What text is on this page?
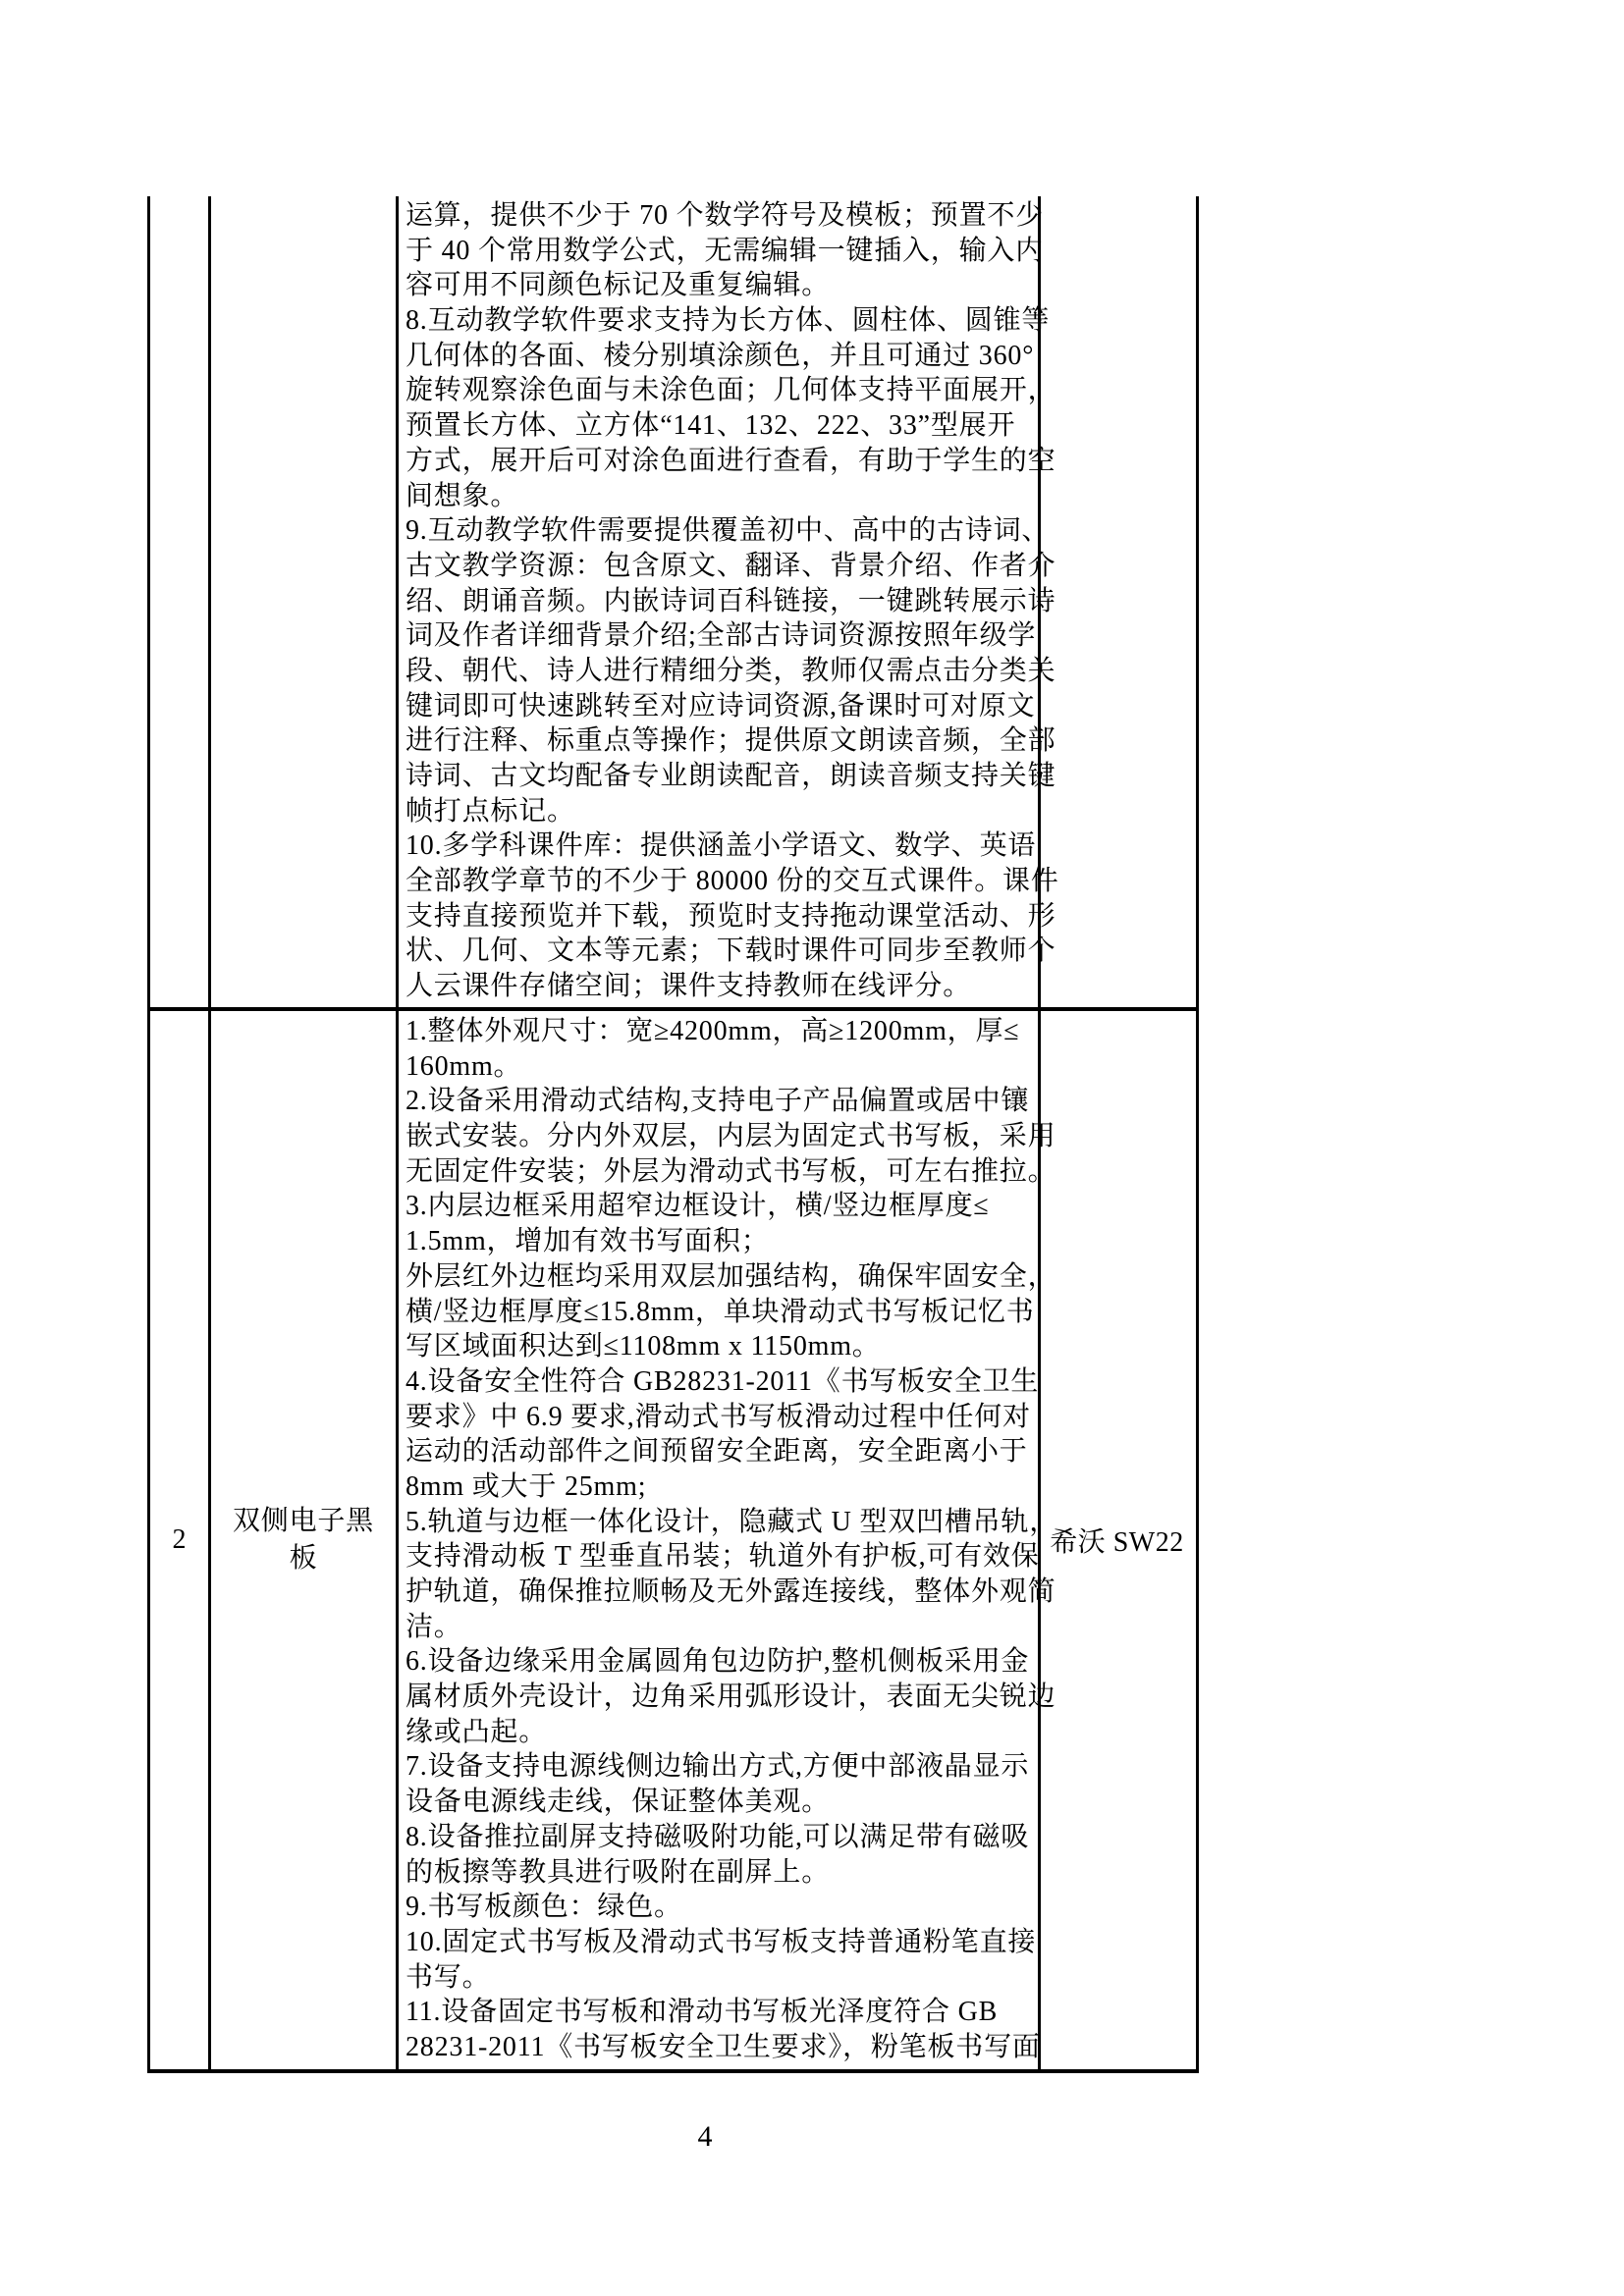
运算，提供不少于 70 个数学符号及模板；预置不少
于 40 个常用数学公式，无需编辑一键插入，输入内
容可用不同颜色标记及重复编辑。
8.互动教学软件要求支持为长方体、圆柱体、圆锥等
几何体的各面、棱分别填涂颜色，并且可通过 360°
旋转观察涂色面与未涂色面；几何体支持平面展开，
预置长方体、立方体“141、132、222、33”型展开
方式，展开后可对涂色面进行查看，有助于学生的空
间想象。
9.互动教学软件需要提供覆盖初中、高中的古诗词、
古文教学资源：包含原文、翻译、背景介绍、作者介
绍、朗诵音频。内嵌诗词百科链接，一键跳转展示诗
词及作者详细背景介绍;全部古诗词资源按照年级学
段、朝代、诗人进行精细分类，教师仅需点击分类关
键词即可快速跳转至对应诗词资源,备课时可对原文
进行注释、标重点等操作；提供原文朗读音频，全部
诗词、古文均配备专业朗读配音，朗读音频支持关键
帧打点标记。
10.多学科课件库：提供涵盖小学语文、数学、英语
全部教学章节的不少于 80000 份的交互式课件。课件
支持直接预览并下载，预览时支持拖动课堂活动、形
状、几何、文本等元素；下载时课件可同步至教师个
人云课件存储空间；课件支持教师在线评分。
2
双侧电子黑
板
1.整体外观尺寸：宽≥4200mm，高≥1200mm，厚≤
160mm。
2.设备采用滑动式结构,支持电子产品偏置或居中镶
嵌式安装。分内外双层，内层为固定式书写板，采用
无固定件安装；外层为滑动式书写板，可左右推拉。
3.内层边框采用超窄边框设计，横/竖边框厚度≤
1.5mm，增加有效书写面积；
外层红外边框均采用双层加强结构，确保牢固安全，
横/竖边框厚度≤15.8mm，单块滑动式书写板记忆书
写区域面积达到≤1108mm x 1150mm。
4.设备安全性符合 GB28231-2011《书写板安全卫生
要求》中 6.9 要求,滑动式书写板滑动过程中任何对
运动的活动部件之间预留安全距离，安全距离小于
8mm 或大于 25mm;
5.轨道与边框一体化设计，隐藏式 U 型双凹槽吊轨，
支持滑动板 T 型垂直吊装；轨道外有护板,可有效保
护轨道，确保推拉顺畅及无外露连接线，整体外观简
洁。
6.设备边缘采用金属圆角包边防护,整机侧板采用金
属材质外壳设计，边角采用弧形设计，表面无尖锐边
缘或凸起。
7.设备支持电源线侧边输出方式,方便中部液晶显示
设备电源线走线，保证整体美观。
8.设备推拉副屏支持磁吸附功能,可以满足带有磁吸
的板擦等教具进行吸附在副屏上。
9.书写板颜色：绿色。
10.固定式书写板及滑动式书写板支持普通粉笔直接
书写。
11.设备固定书写板和滑动书写板光泽度符合 GB
28231-2011《书写板安全卫生要求》，粉笔板书写面
希沃 SW22
4
